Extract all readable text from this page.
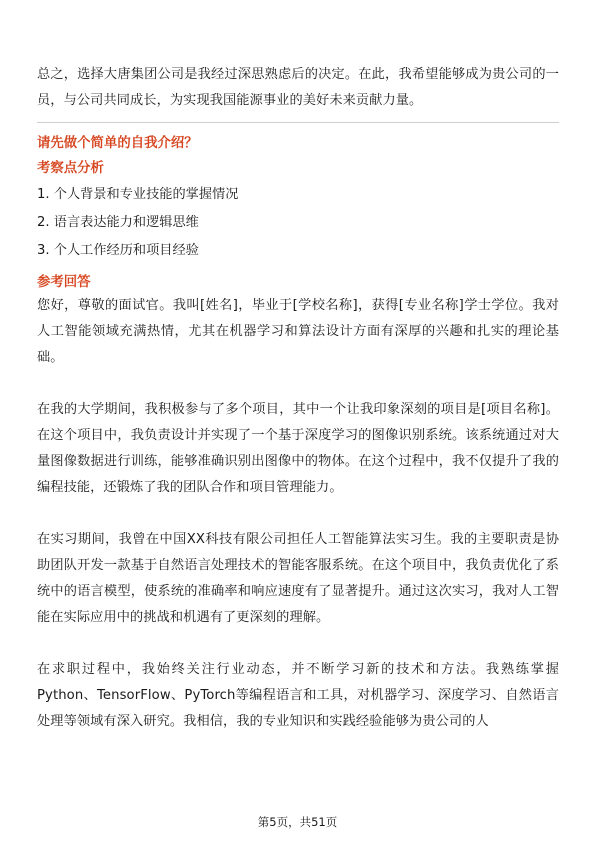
总之，选择大唐集团公司是我经过深思熟虑后的决定。在此，我希望能够成为贵公司的一员，与公司共同成长，为实现我国能源事业的美好未来贡献力量。

请先做个简单的自我介绍？

考察点分析

1. 个人背景和专业技能的掌握情况

2. 语言表达能力和逻辑思维

3. 个人工作经历和项目经验

参考回答

您好，尊敬的面试官。我叫[姓名]，毕业于[学校名称]，获得[专业名称]学士学位。我对人工智能领域充满热情，尤其在机器学习和算法设计方面有深厚的兴趣和扎实的理论基础。

在我的大学期间，我积极参与了多个项目，其中一个让我印象深刻的项目是[项目名称]。在这个项目中，我负责设计并实现了一个基于深度学习的图像识别系统。该系统通过对大量图像数据进行训练，能够准确识别出图像中的物体。在这个过程中，我不仅提升了我的编程技能，还锻炼了我的团队合作和项目管理能力。

在实习期间，我曾在中国XX科技有限公司担任人工智能算法实习生。我的主要职责是协助团队开发一款基于自然语言处理技术的智能客服系统。在这个项目中，我负责优化了系统中的语言模型，使系统的准确率和响应速度有了显著提升。通过这次实习，我对人工智能在实际应用中的挑战和机遇有了更深刻的理解。

在求职过程中，我始终关注行业动态，并不断学习新的技术和方法。我熟练掌握Python、TensorFlow、PyTorch等编程语言和工具，对机器学习、深度学习、自然语言处理等领域有深入研究。我相信，我的专业知识和实践经验能够为贵公司的人

第5页，共51页
